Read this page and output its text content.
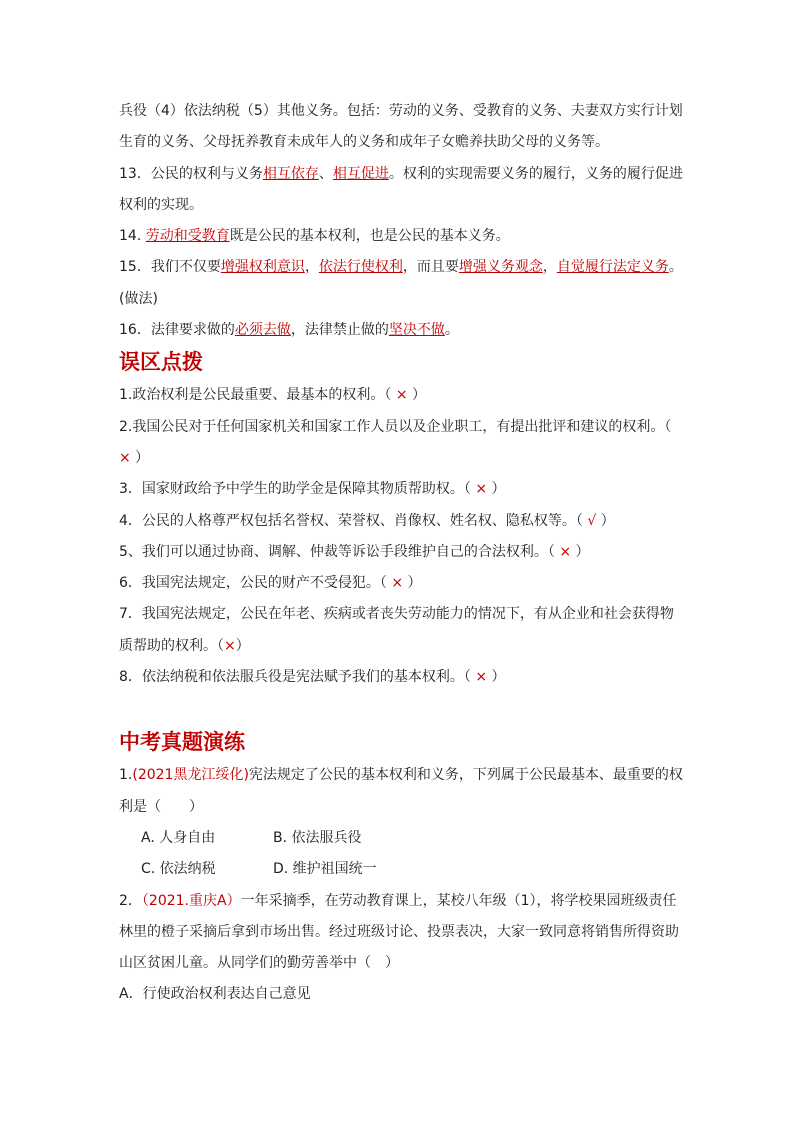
兵役（4）依法纳税（5）其他义务。包括：劳动的义务、受教育的义务、夫妻双方实行计划生育的义务、父母抚养教育未成年人的义务和成年子女赡养扶助父母的义务等。

13．公民的权利与义务相互依存、相互促进。权利的实现需要义务的履行，义务的履行促进权利的实现。

14. 劳动和受教育既是公民的基本权利，也是公民的基本义务。

15．我们不仅要增强权利意识，依法行使权利，而且要增强义务观念，自觉履行法定义务。(做法)

16．法律要求做的必须去做，法律禁止做的坚决不做。

误区点拨

1.政治权利是公民最重要、最基本的权利。（ × ）

2.我国公民对于任何国家机关和国家工作人员以及企业职工，有提出批评和建议的权利。（ × ）

3．国家财政给予中学生的助学金是保障其物质帮助权。（ × ）

4．公民的人格尊严权包括名誉权、荣誉权、肖像权、姓名权、隐私权等。（ √ ）

5、我们可以通过协商、调解、仲裁等诉讼手段维护自己的合法权利。（ × ）

6．我国宪法规定，公民的财产不受侵犯。（ × ）

7．我国宪法规定，公民在年老、疾病或者丧失劳动能力的情况下，有从企业和社会获得物质帮助的权利。（×）

8．依法纳税和依法服兵役是宪法赋予我们的基本权利。（ × ）

中考真题演练

1.(2021黑龙江绥化)宪法规定了公民的基本权利和义务，下列属于公民最基本、最重要的权利是（　　）

A. 人身自由	B. 依法服兵役
C. 依法纳税	D. 维护祖国统一

2．（2021.重庆A）一年采摘季，在劳动教育课上，某校八年级（1），将学校果园班级责任林里的橙子采摘后拿到市场出售。经过班级讨论、投票表决，大家一致同意将销售所得资助山区贫困儿童。从同学们的勤劳善举中（　）

A．行使政治权利表达自己意见
